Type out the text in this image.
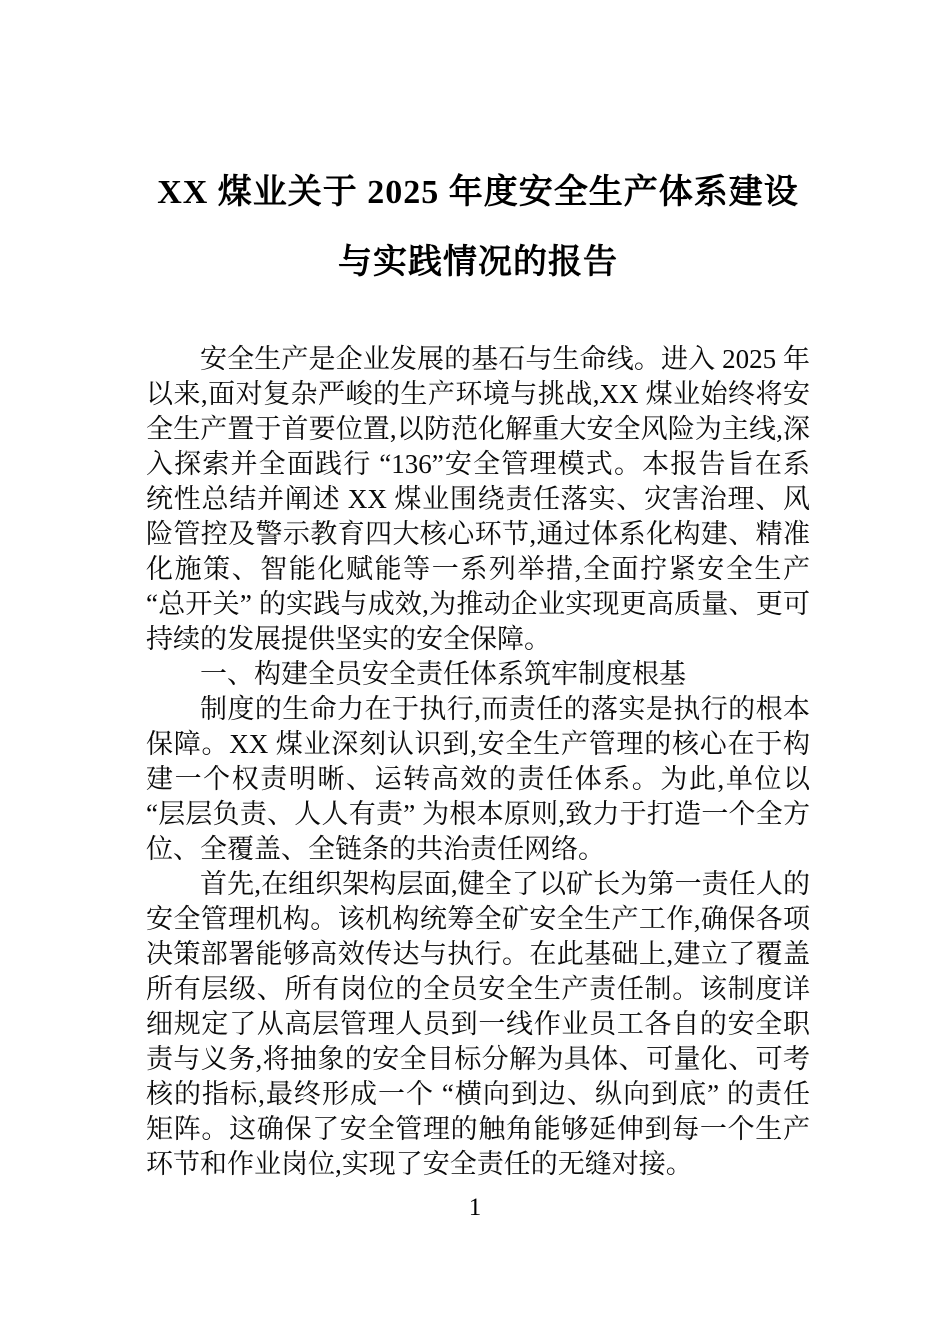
XX 煤业关于 2025 年度安全生产体系建设
与实践情况的报告

安全生产是企业发展的基石与生命线。进入 2025 年以来,面对复杂严峻的生产环境与挑战,XX 煤业始终将安全生产置于首要位置,以防范化解重大安全风险为主线,深入探索并全面践行 “136”安全管理模式。本报告旨在系统性总结并阐述 XX 煤业围绕责任落实、灾害治理、风险管控及警示教育四大核心环节,通过体系化构建、精准化施策、智能化赋能等一系列举措,全面拧紧安全生产 “总开关” 的实践与成效,为推动企业实现更高质量、更可持续的发展提供坚实的安全保障。

一、构建全员安全责任体系筑牢制度根基

制度的生命力在于执行,而责任的落实是执行的根本保障。XX 煤业深刻认识到,安全生产管理的核心在于构建一个权责明晰、运转高效的责任体系。为此,单位以 “层层负责、人人有责” 为根本原则,致力于打造一个全方位、全覆盖、全链条的共治责任网络。

首先,在组织架构层面,健全了以矿长为第一责任人的安全管理机构。该机构统筹全矿安全生产工作,确保各项决策部署能够高效传达与执行。在此基础上,建立了覆盖所有层级、所有岗位的全员安全生产责任制。该制度详细规定了从高层管理人员到一线作业员工各自的安全职责与义务,将抽象的安全目标分解为具体、可量化、可考核的指标,最终形成一个 “横向到边、纵向到底” 的责任矩阵。这确保了安全管理的触角能够延伸到每一个生产环节和作业岗位,实现了安全责任的无缝对接。

1
